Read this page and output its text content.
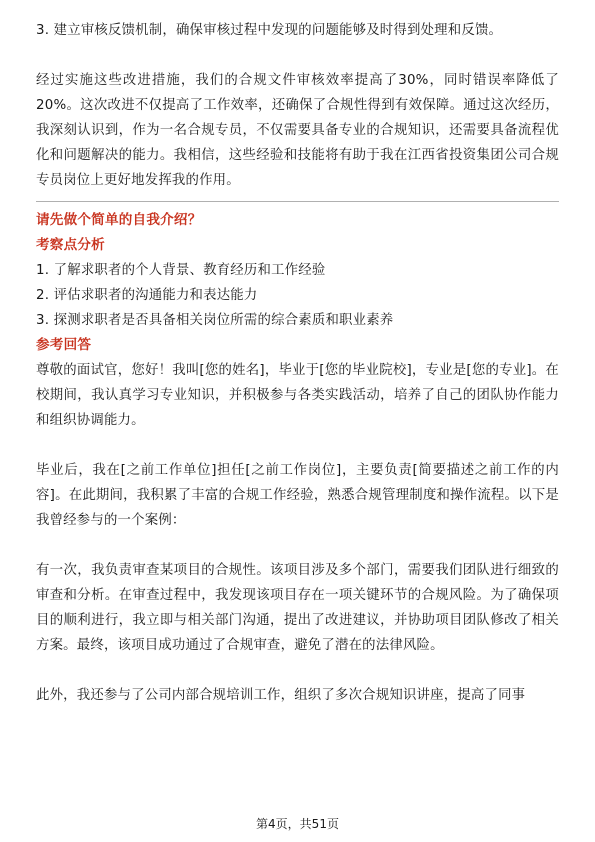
3. 建立审核反馈机制，确保审核过程中发现的问题能够及时得到处理和反馈。

经过实施这些改进措施，我们的合规文件审核效率提高了30%，同时错误率降低了20%。这次改进不仅提高了工作效率，还确保了合规性得到有效保障。通过这次经历，我深刻认识到，作为一名合规专员，不仅需要具备专业的合规知识，还需要具备流程优化和问题解决的能力。我相信，这些经验和技能将有助于我在江西省投资集团公司合规专员岗位上更好地发挥我的作用。

请先做个简单的自我介绍？

考察点分析

1. 了解求职者的个人背景、教育经历和工作经验

2. 评估求职者的沟通能力和表达能力

3. 探测求职者是否具备相关岗位所需的综合素质和职业素养

参考回答

尊敬的面试官，您好！我叫[您的姓名]，毕业于[您的毕业院校]，专业是[您的专业]。在校期间，我认真学习专业知识，并积极参与各类实践活动，培养了自己的团队协作能力和组织协调能力。

毕业后，我在[之前工作单位]担任[之前工作岗位]，主要负责[简要描述之前工作的内容]。在此期间，我积累了丰富的合规工作经验，熟悉合规管理制度和操作流程。以下是我曾经参与的一个案例：

有一次，我负责审查某项目的合规性。该项目涉及多个部门，需要我们团队进行细致的审查和分析。在审查过程中，我发现该项目存在一项关键环节的合规风险。为了确保项目的顺利进行，我立即与相关部门沟通，提出了改进建议，并协助项目团队修改了相关方案。最终，该项目成功通过了合规审查，避免了潜在的法律风险。

此外，我还参与了公司内部合规培训工作，组织了多次合规知识讲座，提高了同事

第4页，共51页
